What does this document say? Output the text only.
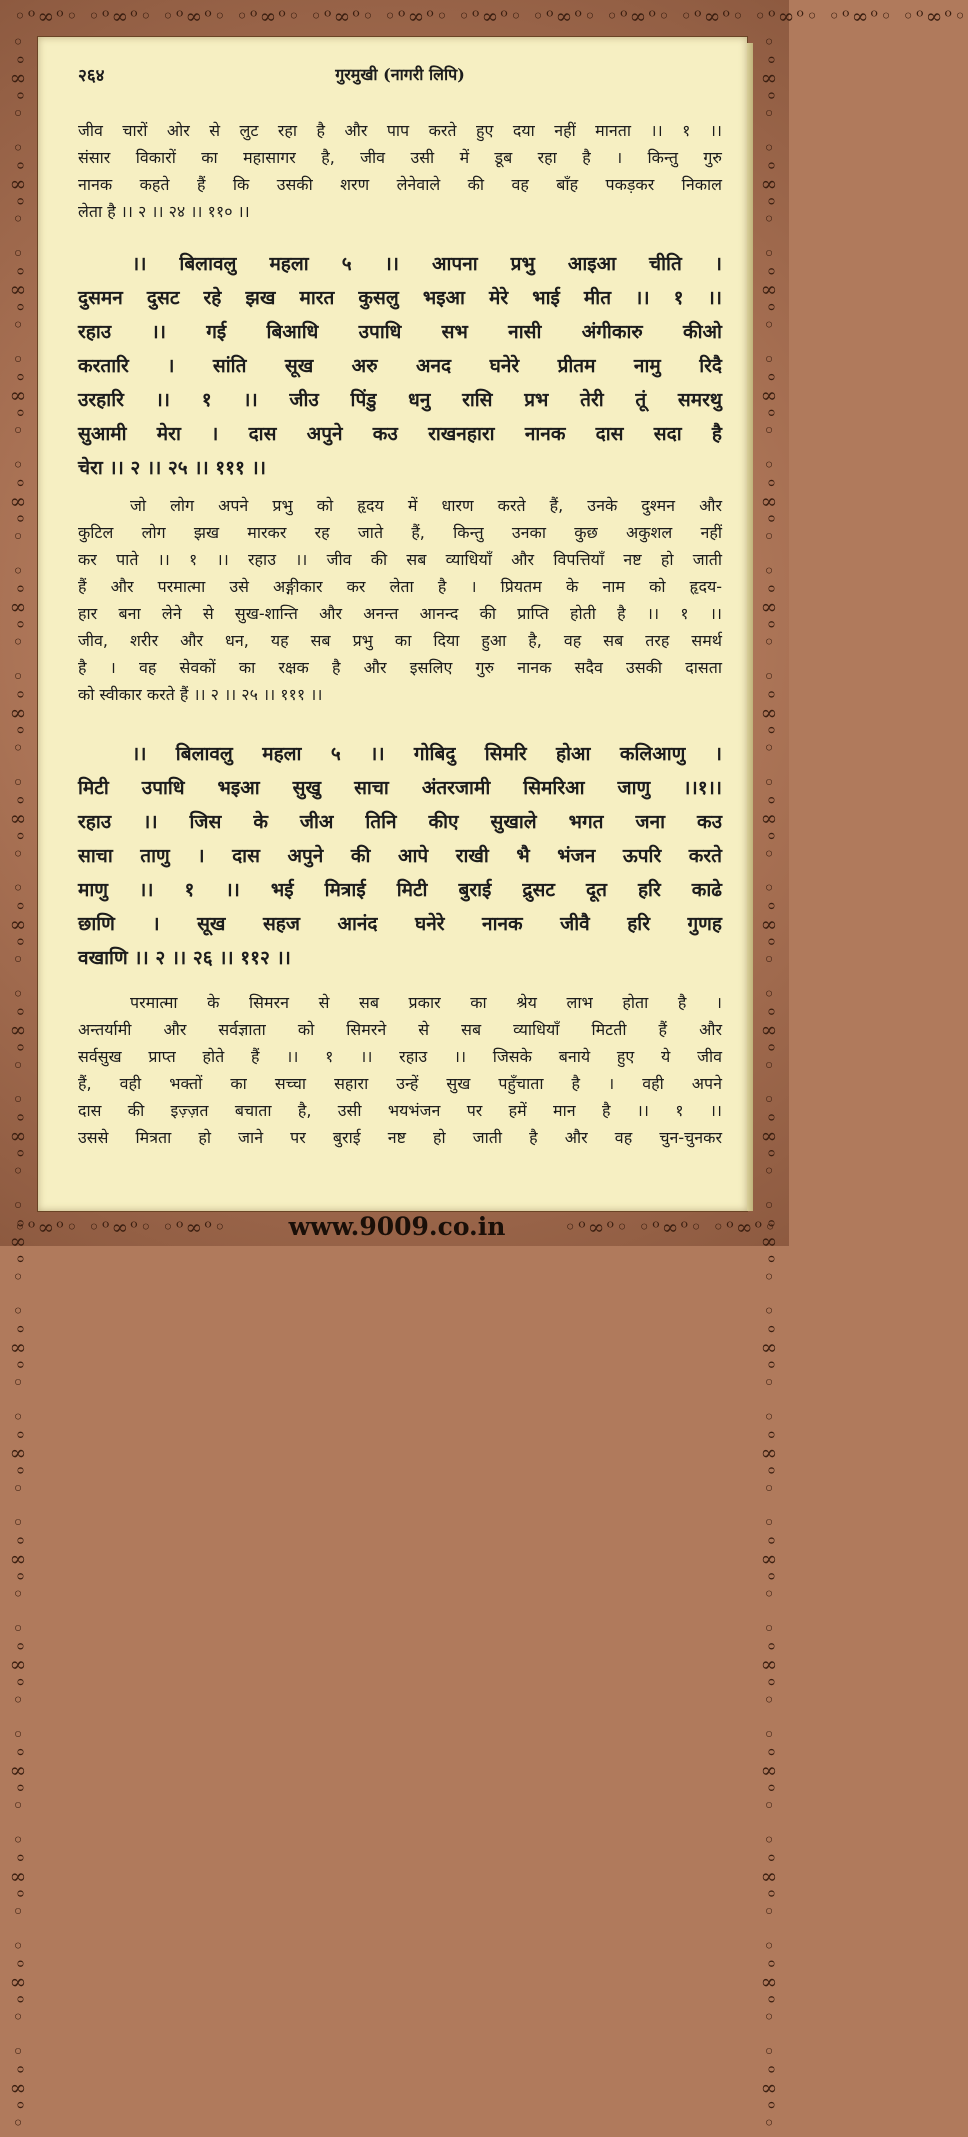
◦ᵒ∞ᵒ◦ ◦ᵒ∞ᵒ◦ ◦ᵒ∞ᵒ◦ ◦ᵒ∞ᵒ◦ ◦ᵒ∞ᵒ◦ ◦ᵒ∞ᵒ◦ ◦ᵒ∞ᵒ◦ ◦ᵒ∞ᵒ◦ ◦ᵒ∞ᵒ◦ ◦ᵒ∞ᵒ◦ ◦ᵒ∞ᵒ◦ ◦ᵒ∞ᵒ◦ ◦ᵒ∞ᵒ◦
◦ᵒ∞ᵒ◦ ◦ᵒ∞ᵒ◦ ◦ᵒ∞ᵒ◦ ◦ᵒ∞ᵒ◦ ◦ᵒ∞ᵒ◦ ◦ᵒ∞ᵒ◦ ◦ᵒ∞ᵒ◦ ◦ᵒ∞ᵒ◦ ◦ᵒ∞ᵒ◦ ◦ᵒ∞ᵒ◦ ◦ᵒ∞ᵒ◦ ◦ᵒ∞ᵒ◦ ◦ᵒ∞ᵒ◦ ◦ᵒ∞ᵒ◦ ◦ᵒ∞ᵒ◦ ◦ᵒ∞ᵒ◦ ◦ᵒ∞ᵒ◦ ◦ᵒ∞ᵒ◦ ◦ᵒ∞ᵒ◦ ◦ᵒ∞ᵒ◦	◦ᵒ∞ᵒ◦ ◦ᵒ∞ᵒ◦ ◦ᵒ∞ᵒ◦ ◦ᵒ∞ᵒ◦ ◦ᵒ∞ᵒ◦ ◦ᵒ∞ᵒ◦ ◦ᵒ∞ᵒ◦ ◦ᵒ∞ᵒ◦ ◦ᵒ∞ᵒ◦ ◦ᵒ∞ᵒ◦ ◦ᵒ∞ᵒ◦ ◦ᵒ∞ᵒ◦ ◦ᵒ∞ᵒ◦ ◦ᵒ∞ᵒ◦ ◦ᵒ∞ᵒ◦ ◦ᵒ∞ᵒ◦ ◦ᵒ∞ᵒ◦ ◦ᵒ∞ᵒ◦ ◦ᵒ∞ᵒ◦ ◦ᵒ∞ᵒ◦
◦ᵒ∞ᵒ◦ ◦ᵒ∞ᵒ◦ ◦ᵒ∞ᵒ◦	◦ᵒ∞ᵒ◦ ◦ᵒ∞ᵒ◦ ◦ᵒ∞ᵒ◦
२६४	गुरमुखी (नागरी लिपि)
जीव चारों ओर से लुट रहा है और पाप करते हुए दया नहीं मानता ।। १ ।।
संसार विकारों का महासागर है, जीव उसी में डूब रहा है । किन्तु गुरु
नानक कहते हैं कि उसकी शरण लेनेवाले की वह बाँह पकड़कर निकाल
लेता है ।। २ ।। २४ ।। ११० ।।
।। बिलावलु महला ५ ।। आपना प्रभु आइआ चीति ।
दुसमन दुसट रहे झख मारत कुसलु भइआ मेरे भाई मीत ।। १ ।।
रहाउ ।। गई बिआधि उपाधि सभ नासी अंगीकारु कीओ
करतारि । सांति सूख अरु अनद घनेरे प्रीतम नामु रिदै
उरहारि ।। १ ।। जीउ पिंडु धनु रासि प्रभ तेरी तूं समरथु
सुआमी मेरा । दास अपुने कउ राखनहारा नानक दास सदा है
चेरा ।। २ ।। २५ ।। १११ ।।
जो लोग अपने प्रभु को हृदय में धारण करते हैं, उनके दुश्मन और
कुटिल लोग झख मारकर रह जाते हैं, किन्तु उनका कुछ अकुशल नहीं
कर पाते ।। १ ।। रहाउ ।। जीव की सब व्याधियाँ और विपत्तियाँ नष्ट हो जाती
हैं और परमात्मा उसे अङ्गीकार कर लेता है । प्रियतम के नाम को हृदय-
हार बना लेने से सुख-शान्ति और अनन्त आनन्द की प्राप्ति होती है ।। १ ।।
जीव, शरीर और धन, यह सब प्रभु का दिया हुआ है, वह सब तरह समर्थ
है । वह सेवकों का रक्षक है और इसलिए गुरु नानक सदैव उसकी दासता
को स्वीकार करते हैं ।। २ ।। २५ ।। १११ ।।
।। बिलावलु महला ५ ।। गोबिदु सिमरि होआ कलिआणु ।
मिटी उपाधि भइआ सुखु साचा अंतरजामी सिमरिआ जाणु ।।१।।
रहाउ ।। जिस के जीअ तिनि कीए सुखाले भगत जना कउ
साचा ताणु । दास अपुने की आपे राखी भै भंजन ऊपरि करते
माणु ।। १ ।। भई मित्राई मिटी बुराई द्रुसट दूत हरि काढे
छाणि । सूख सहज आनंद घनेरे नानक जीवै हरि गुणह
वखाणि ।। २ ।। २६ ।। ११२ ।।
परमात्मा के सिमरन से सब प्रकार का श्रेय लाभ होता है ।
अन्तर्यामी और सर्वज्ञाता को सिमरने से सब व्याधियाँ मिटती हैं और
सर्वसुख प्राप्त होते हैं ।। १ ।। रहाउ ।। जिसके बनाये हुए ये जीव
हैं, वही भक्तों का सच्चा सहारा उन्हें सुख पहुँचाता है । वही अपने
दास की इज़्ज़त बचाता है, उसी भयभंजन पर हमें मान है ।। १ ।।
उससे मित्रता हो जाने पर बुराई नष्ट हो जाती है और वह चुन-चुनकर
www.9009.co.in
